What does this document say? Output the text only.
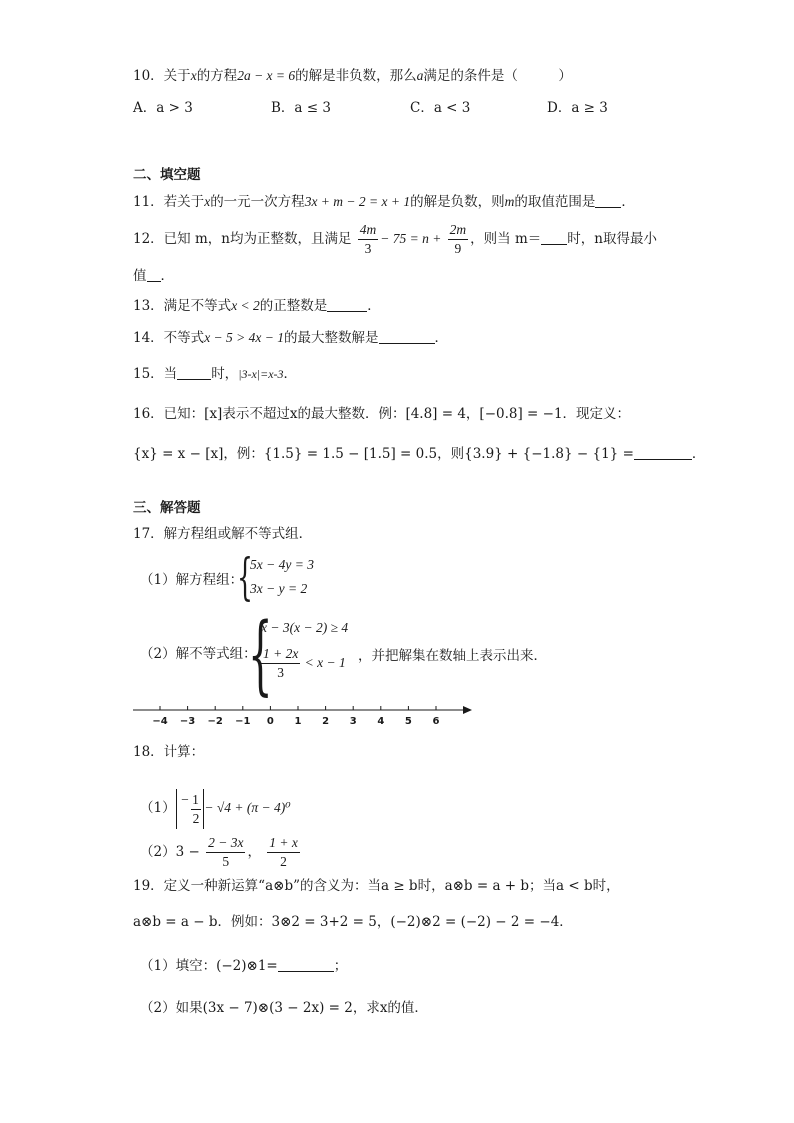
10．关于x的方程2a − x = 6的解是非负数，那么a满足的条件是（　　　）
A．a > 3	B．a ≤ 3	C．a < 3	D．a ≥ 3
二、填空题
11．若关于x的一元一次方程3x + m − 2 = x + 1的解是负数，则m的取值范围是 ．
12．已知 m，n均为正整数，且满足 $\frac{4m}{3} - 75 = n + \frac{2m}{9}$ ，则当 m＝ 时，n取得最小
值 ．
13．满足不等式x < 2的正整数是	．
14．不等式x − 5 > 4x − 1的最大整数解是	．
15．当	时，|3-x|=x-3．
16．已知：[x]表示不超过x的最大整数．例：[4.8] = 4，[−0.8] = −1．现定义：
{x} = x − [x]，例：{1.5} = 1.5 − [1.5] = 0.5，则{3.9} + {−1.8} − {1} =	．
三、解答题
17．解方程组或解不等式组．
（1）解方程组：
{
5x − 4y = 3
3x − y = 2
（2）解不等式组：
{
x − 3(x − 2) ≥ 4
$\frac{1 + 2x}{3} < x - 1$ ，并把解集在数轴上表示出来．
−4 −3 −2 −1 0 1 2 3 4 5 6
18．计算：
$(1) \frac{- 1}{2} - √4 + (\pi - 4)^0$
$(2)3 - \frac{2 - 3x}{5}$ ， $\frac{1 + x}{2}$
19．定义一种新运算“a⊗b”的含义为：当a ≥ b时，a⊗b = a + b；当a < b时，
a⊗b = a − b．例如：3⊗2 = 3+2 = 5，(−2)⊗2 = (−2) − 2 = −4．
（1）填空：(−2)⊗1=	；
（2）如果(3x − 7)⊗(3 − 2x) = 2，求x的值．
